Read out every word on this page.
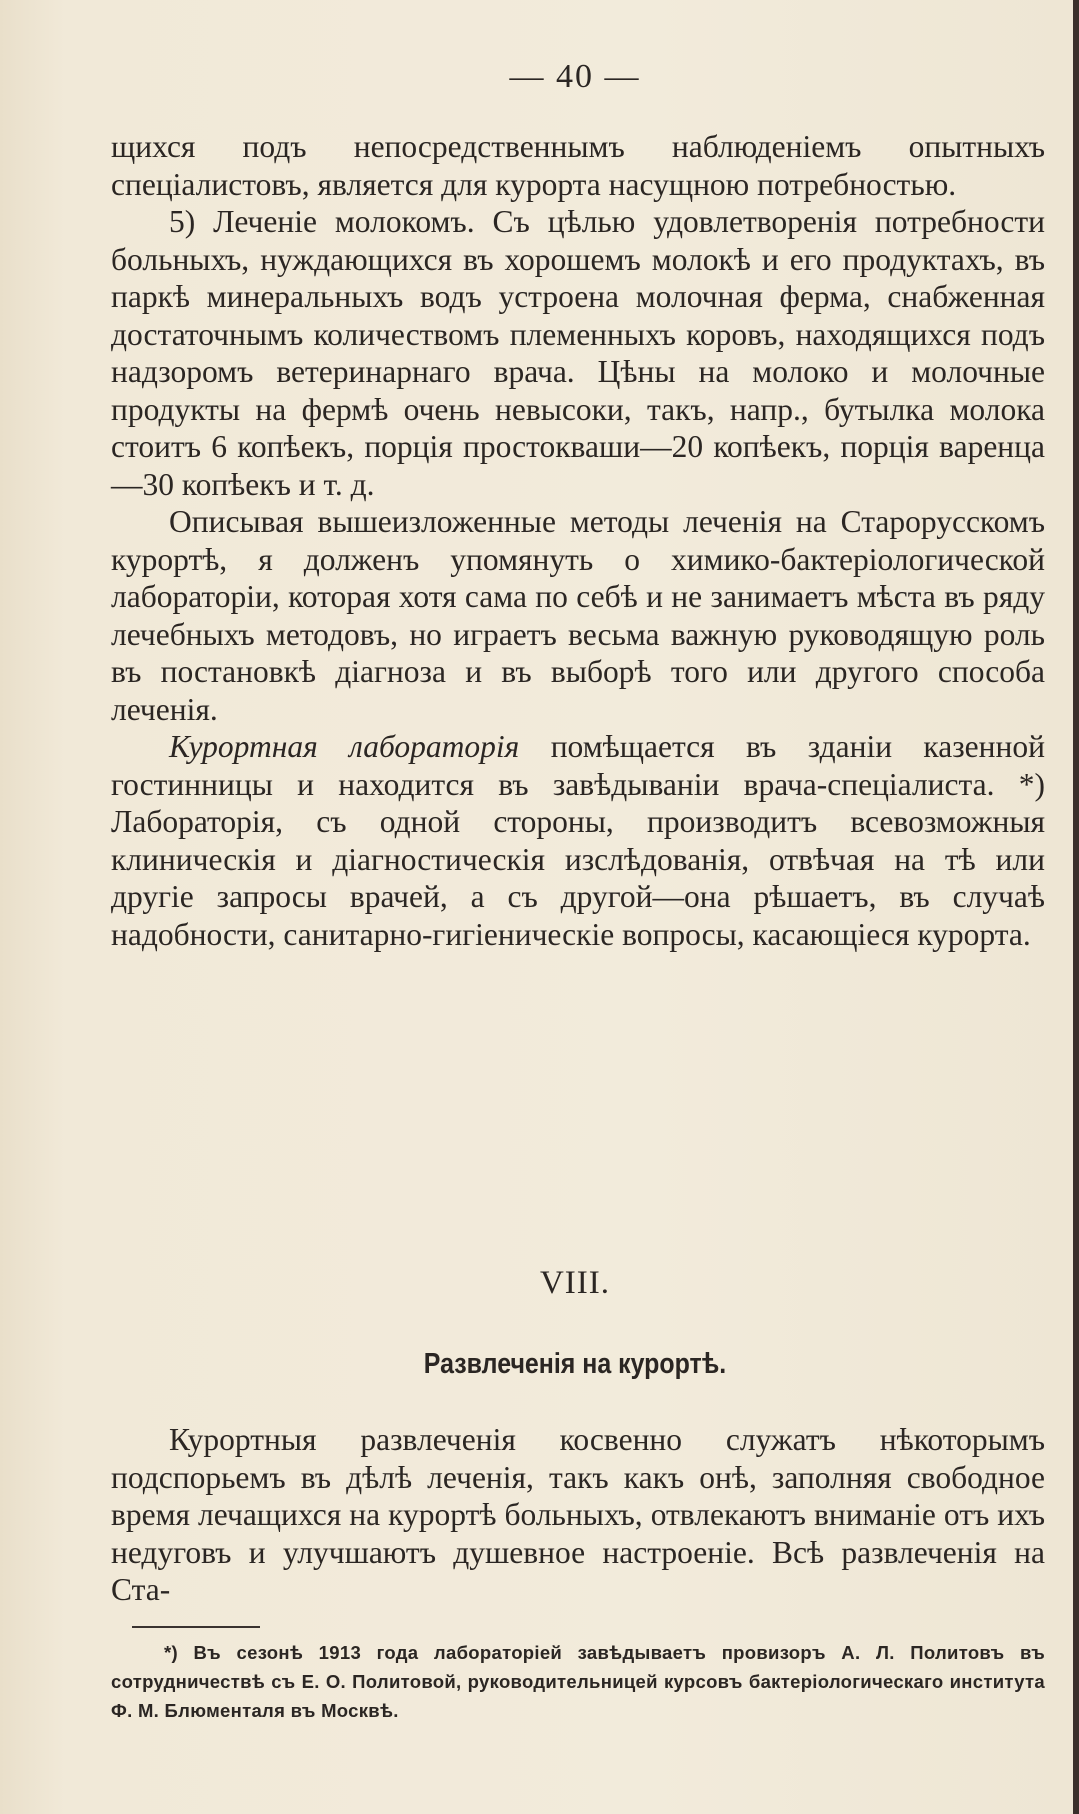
— 40 —

щихся подъ непосредственнымъ наблюденіемъ опытныхъ спеціалистовъ, является для курорта насущною потребностью.

5) Леченіе молокомъ. Съ цѣлью удовлетворенія потребности больныхъ, нуждающихся въ хорошемъ молокѣ и его продуктахъ, въ паркѣ минеральныхъ водъ устроена молочная ферма, снабженная достаточнымъ количествомъ племенныхъ коровъ, находящихся подъ надзоромъ ветеринарнаго врача. Цѣны на молоко и молочные продукты на фермѣ очень невысоки, такъ, напр., бутылка молока стоитъ 6 копѣекъ, порція простокваши—20 копѣекъ, порція варенца—30 копѣекъ и т. д.

Описывая вышеизложенные методы леченія на Старорусскомъ курортѣ, я долженъ упомянуть о химико-бактеріологической лабораторіи, которая хотя сама по себѣ и не занимаетъ мѣста въ ряду лечебныхъ методовъ, но играетъ весьма важную руководящую роль въ постановкѣ діагноза и въ выборѣ того или другого способа леченія.

Курортная лабораторія помѣщается въ зданіи казенной гостинницы и находится въ завѣдываніи врача-спеціалиста. *) Лабораторія, съ одной стороны, производитъ всевозможныя клиническія и діагностическія изслѣдованія, отвѣчая на тѣ или другіе запросы врачей, а съ другой—она рѣшаетъ, въ случаѣ надобности, санитарно-гигіеническіе вопросы, касающіеся курорта.

VIII.
Развлеченія на курортѣ.

Курортныя развлеченія косвенно служатъ нѣкоторымъ подспорьемъ въ дѣлѣ леченія, такъ какъ онѣ, заполняя свободное время лечащихся на курортѣ больныхъ, отвлекаютъ вниманіе отъ ихъ недуговъ и улучшаютъ душевное настроеніе. Всѣ развлеченія на Ста-

*) Въ сезонѣ 1913 года лабораторіей завѣдываетъ провизоръ А. Л. Политовъ въ сотрудничествѣ съ Е. О. Политовой, руководительницей курсовъ бактеріологическаго института Ф. М. Блюменталя въ Москвѣ.
